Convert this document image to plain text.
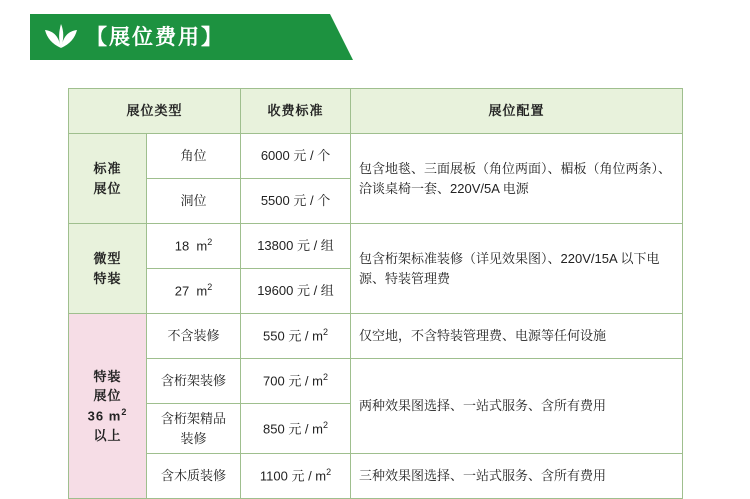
【展位费用】
展位类型		收费标准	展位配置

标准
展位	角位	6000 元 / 个	包含地毯、三面展板（角位两面）、楣板（角位两条）、洽谈桌椅一套、220V/5A 电源
	洞位	5500 元 / 个	

微型
特装	18  $m^2$	13800 元 / 组	包含桁架标准装修（详见效果图）、220V/15A 以下电源、特装管理费
	27  $m^2$	19600 元 / 组	

特装
展位
36 $m^2$
以上	不含装修	550 元 / $m^2$	仅空地，不含特装管理费、电源等任何设施
	含桁架装修	700 元 / $m^2$	两种效果图选择、一站式服务、含所有费用
	含桁架精品装修	850 元 / $m^2$
	含木质装修	1100 元 / $m^2$	三种效果图选择、一站式服务、含所有费用
